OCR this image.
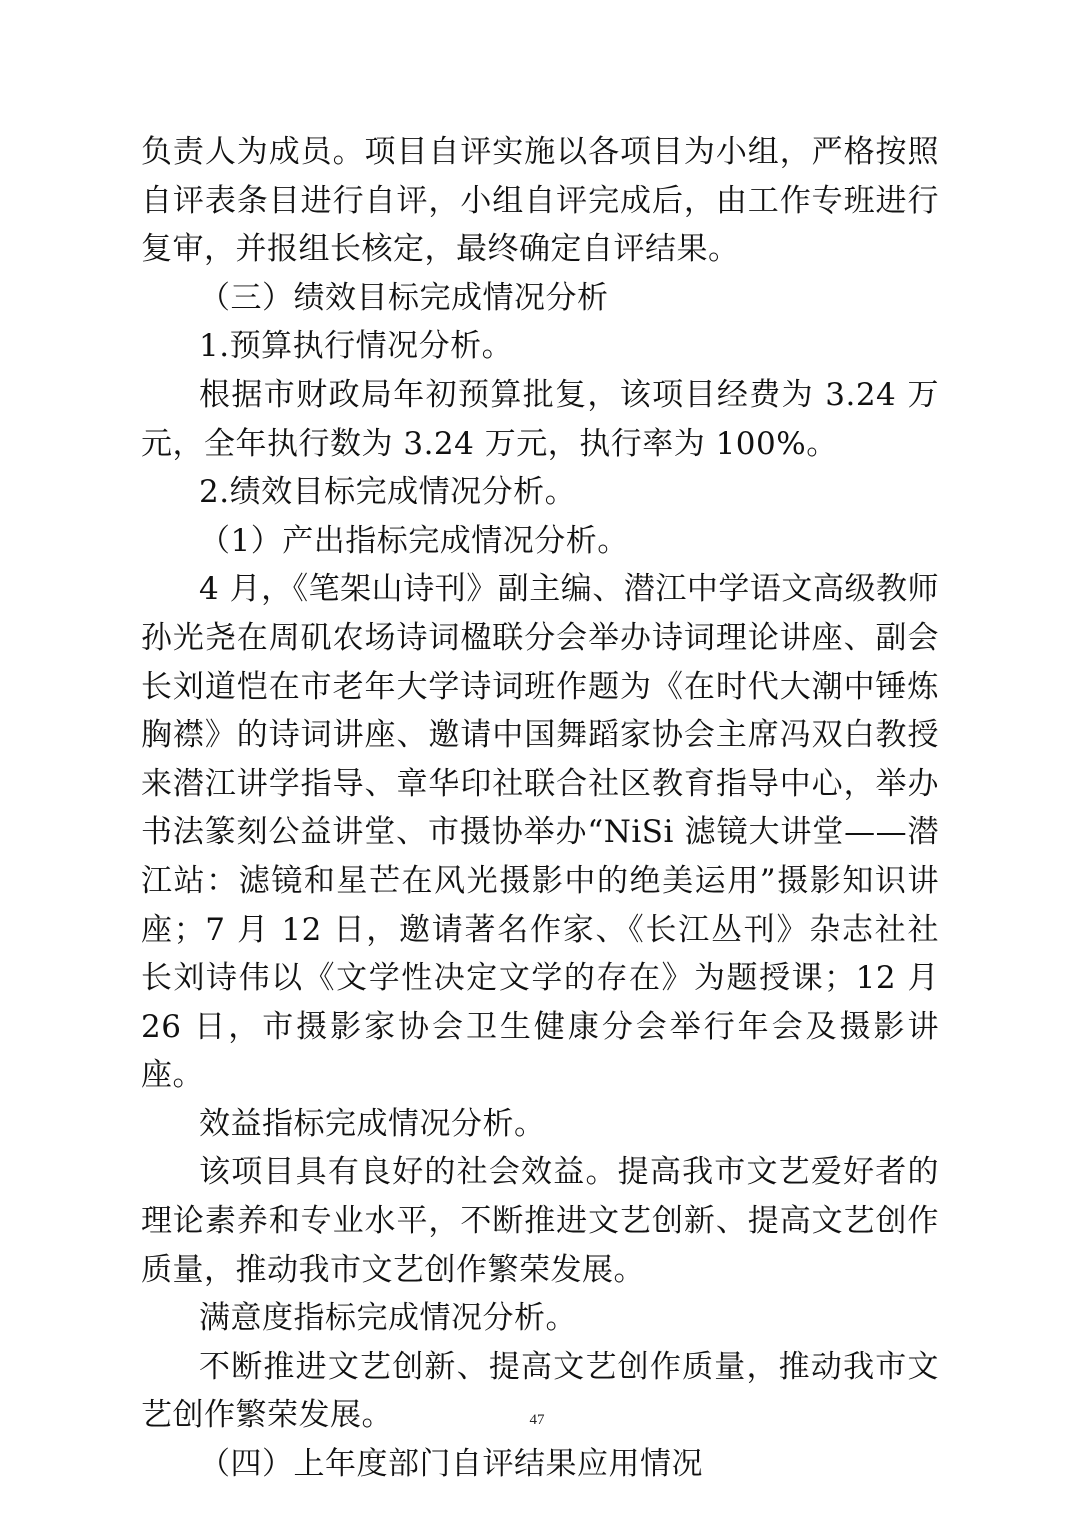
负责人为成员。项目自评实施以各项目为小组，严格按照自评表条目进行自评，小组自评完成后，由工作专班进行复审，并报组长核定，最终确定自评结果。

（三）绩效目标完成情况分析

1.预算执行情况分析。

根据市财政局年初预算批复，该项目经费为 3.24 万元，全年执行数为 3.24 万元，执行率为 100%。

2.绩效目标完成情况分析。

（1）产出指标完成情况分析。

4 月，《笔架山诗刊》副主编、潜江中学语文高级教师孙光尧在周矶农场诗词楹联分会举办诗词理论讲座、副会长刘道恺在市老年大学诗词班作题为《在时代大潮中锤炼胸襟》的诗词讲座、邀请中国舞蹈家协会主席冯双白教授来潜江讲学指导、章华印社联合社区教育指导中心，举办书法篆刻公益讲堂、市摄协举办“NiSi 滤镜大讲堂——潜江站：滤镜和星芒在风光摄影中的绝美运用”摄影知识讲座；7 月 12 日，邀请著名作家、《长江丛刊》杂志社社长刘诗伟以《文学性决定文学的存在》为题授课；12 月 26 日，市摄影家协会卫生健康分会举行年会及摄影讲座。

效益指标完成情况分析。

该项目具有良好的社会效益。提高我市文艺爱好者的理论素养和专业水平，不断推进文艺创新、提高文艺创作质量，推动我市文艺创作繁荣发展。

满意度指标完成情况分析。

不断推进文艺创新、提高文艺创作质量，推动我市文艺创作繁荣发展。

（四）上年度部门自评结果应用情况

47
